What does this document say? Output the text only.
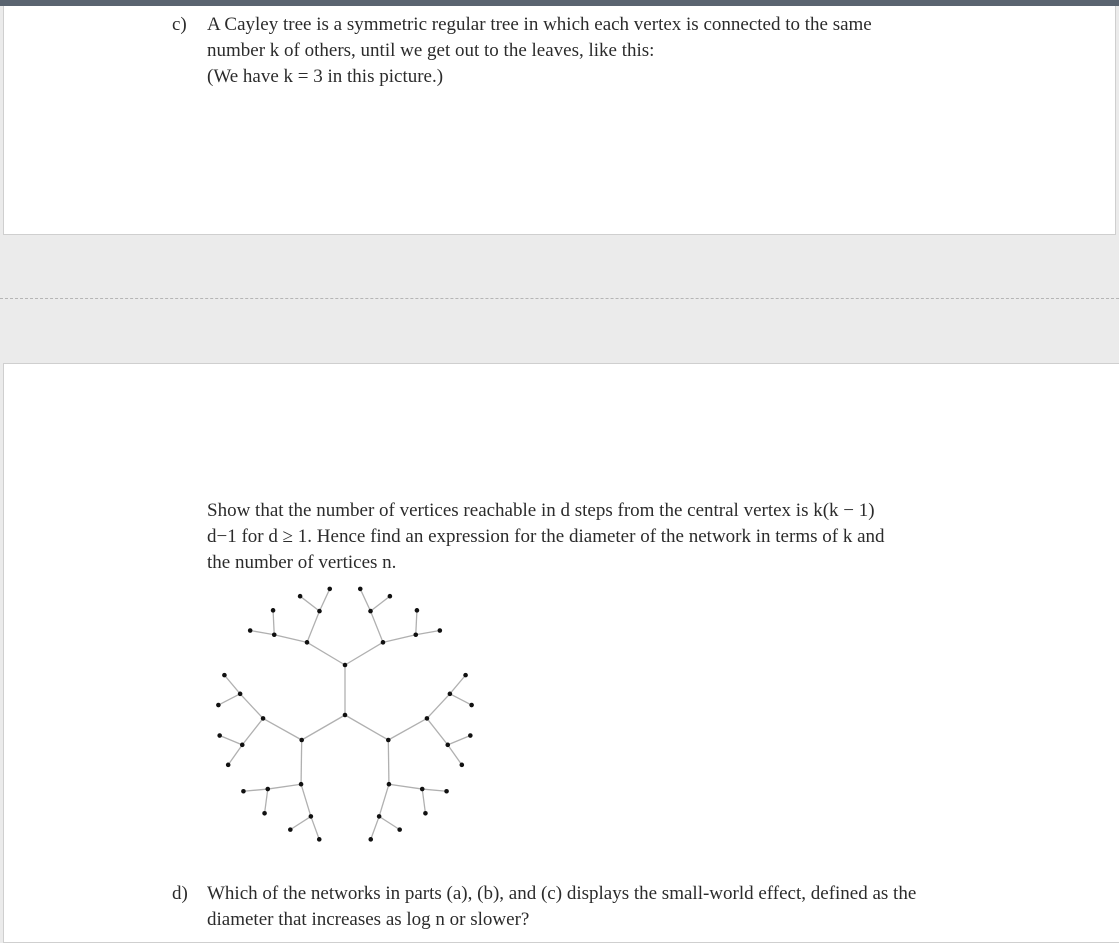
c) A Cayley tree is a symmetric regular tree in which each vertex is connected to the same
number k of others, until we get out to the leaves, like this:
(We have k = 3 in this picture.)
Show that the number of vertices reachable in d steps from the central vertex is k(k − 1)
d−1 for d ≥ 1. Hence find an expression for the diameter of the network in terms of k and
the number of vertices n.
d) Which of the networks in parts (a), (b), and (c) displays the small-world effect, defined as the
diameter that increases as log n or slower?
